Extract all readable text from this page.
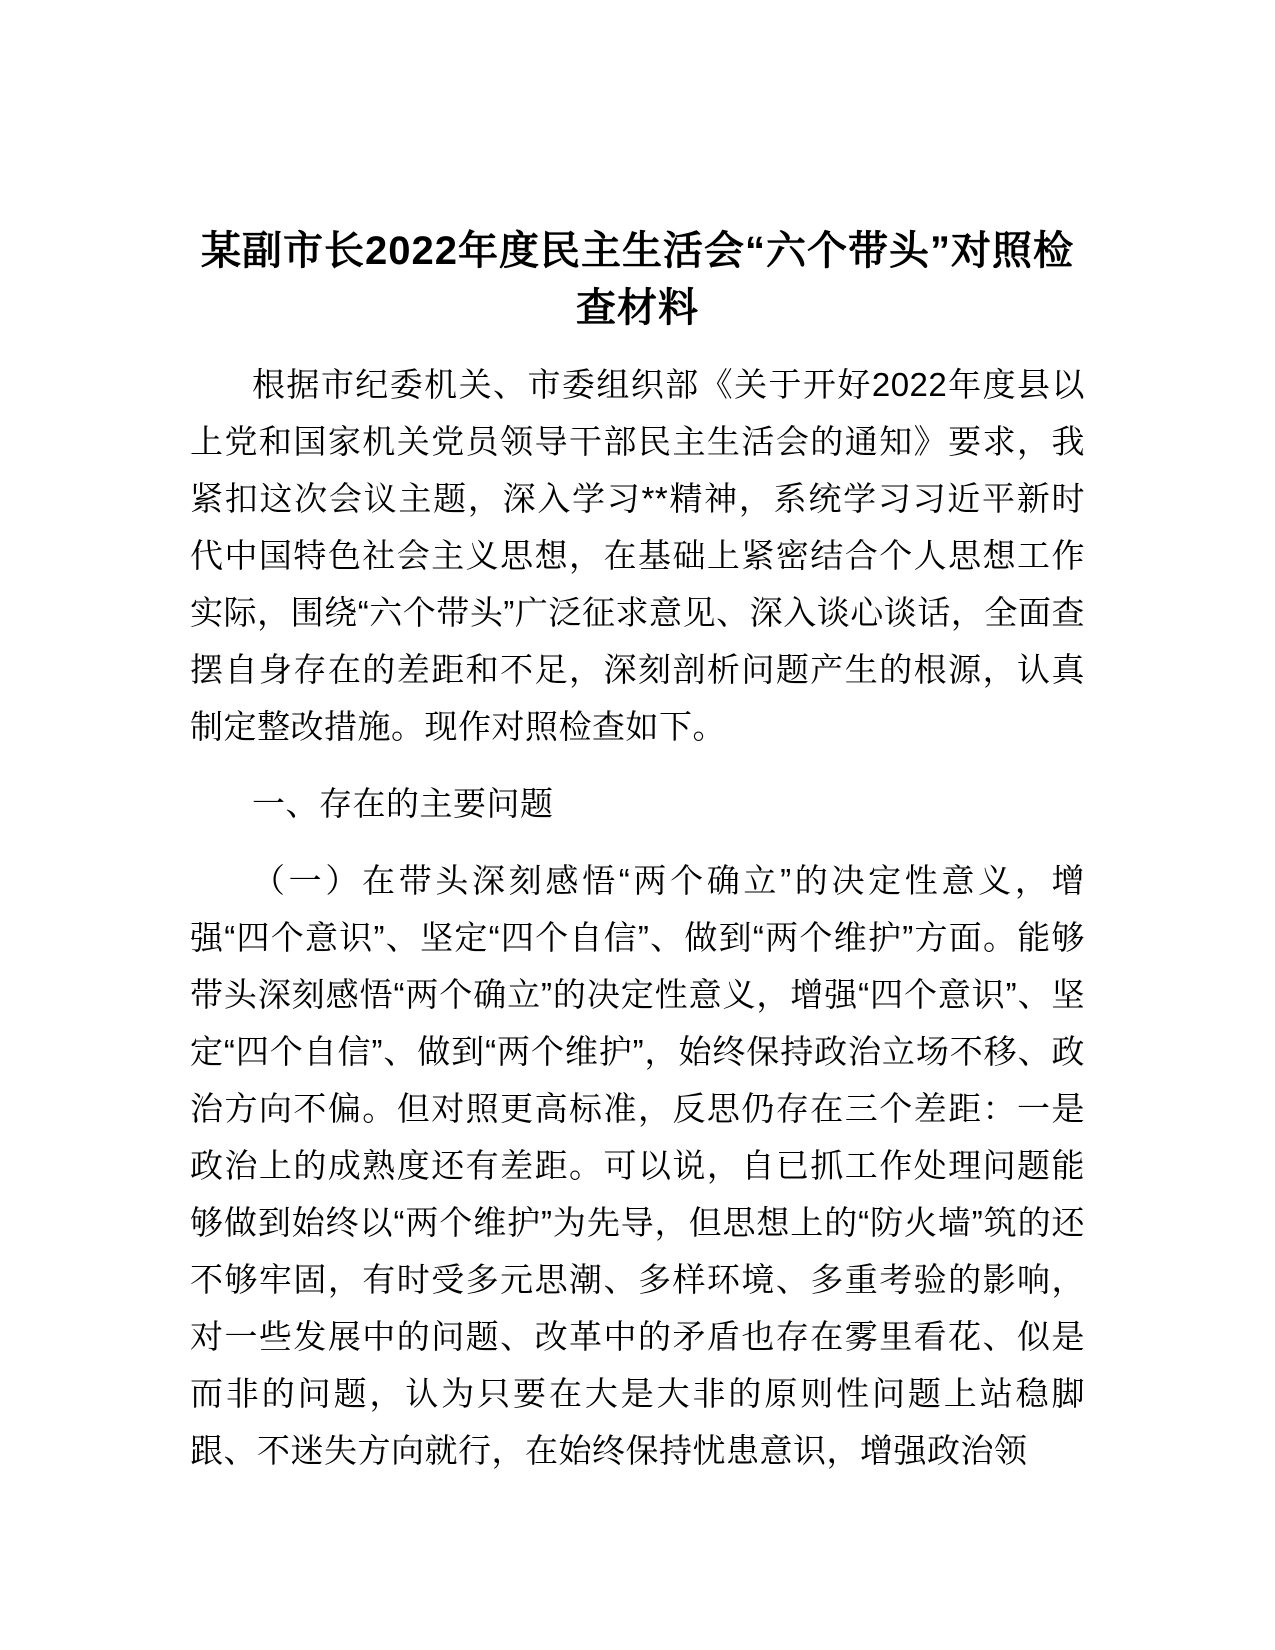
某副市长2022年度民主生活会“六个带头”对照检查材料

根据市纪委机关、市委组织部《关于开好2022年度县以上党和国家机关党员领导干部民主生活会的通知》要求，我紧扣这次会议主题，深入学习**精神，系统学习习近平新时代中国特色社会主义思想，在基础上紧密结合个人思想工作实际，围绕“六个带头”广泛征求意见、深入谈心谈话，全面查摆自身存在的差距和不足，深刻剖析问题产生的根源，认真制定整改措施。现作对照检查如下。

一、存在的主要问题

（一）在带头深刻感悟“两个确立”的决定性意义，增强“四个意识”、坚定“四个自信”、做到“两个维护”方面。能够带头深刻感悟“两个确立”的决定性意义，增强“四个意识”、坚定“四个自信”、做到“两个维护”，始终保持政治立场不移、政治方向不偏。但对照更高标准，反思仍存在三个差距：一是政治上的成熟度还有差距。可以说，自已抓工作处理问题能够做到始终以“两个维护”为先导，但思想上的“防火墙”筑的还不够牢固，有时受多元思潮、多样环境、多重考验的影响，对一些发展中的问题、改革中的矛盾也存在雾里看花、似是而非的问题，认为只要在大是大非的原则性问题上站稳脚跟、不迷失方向就行，在始终保持忧患意识，增强政治领
